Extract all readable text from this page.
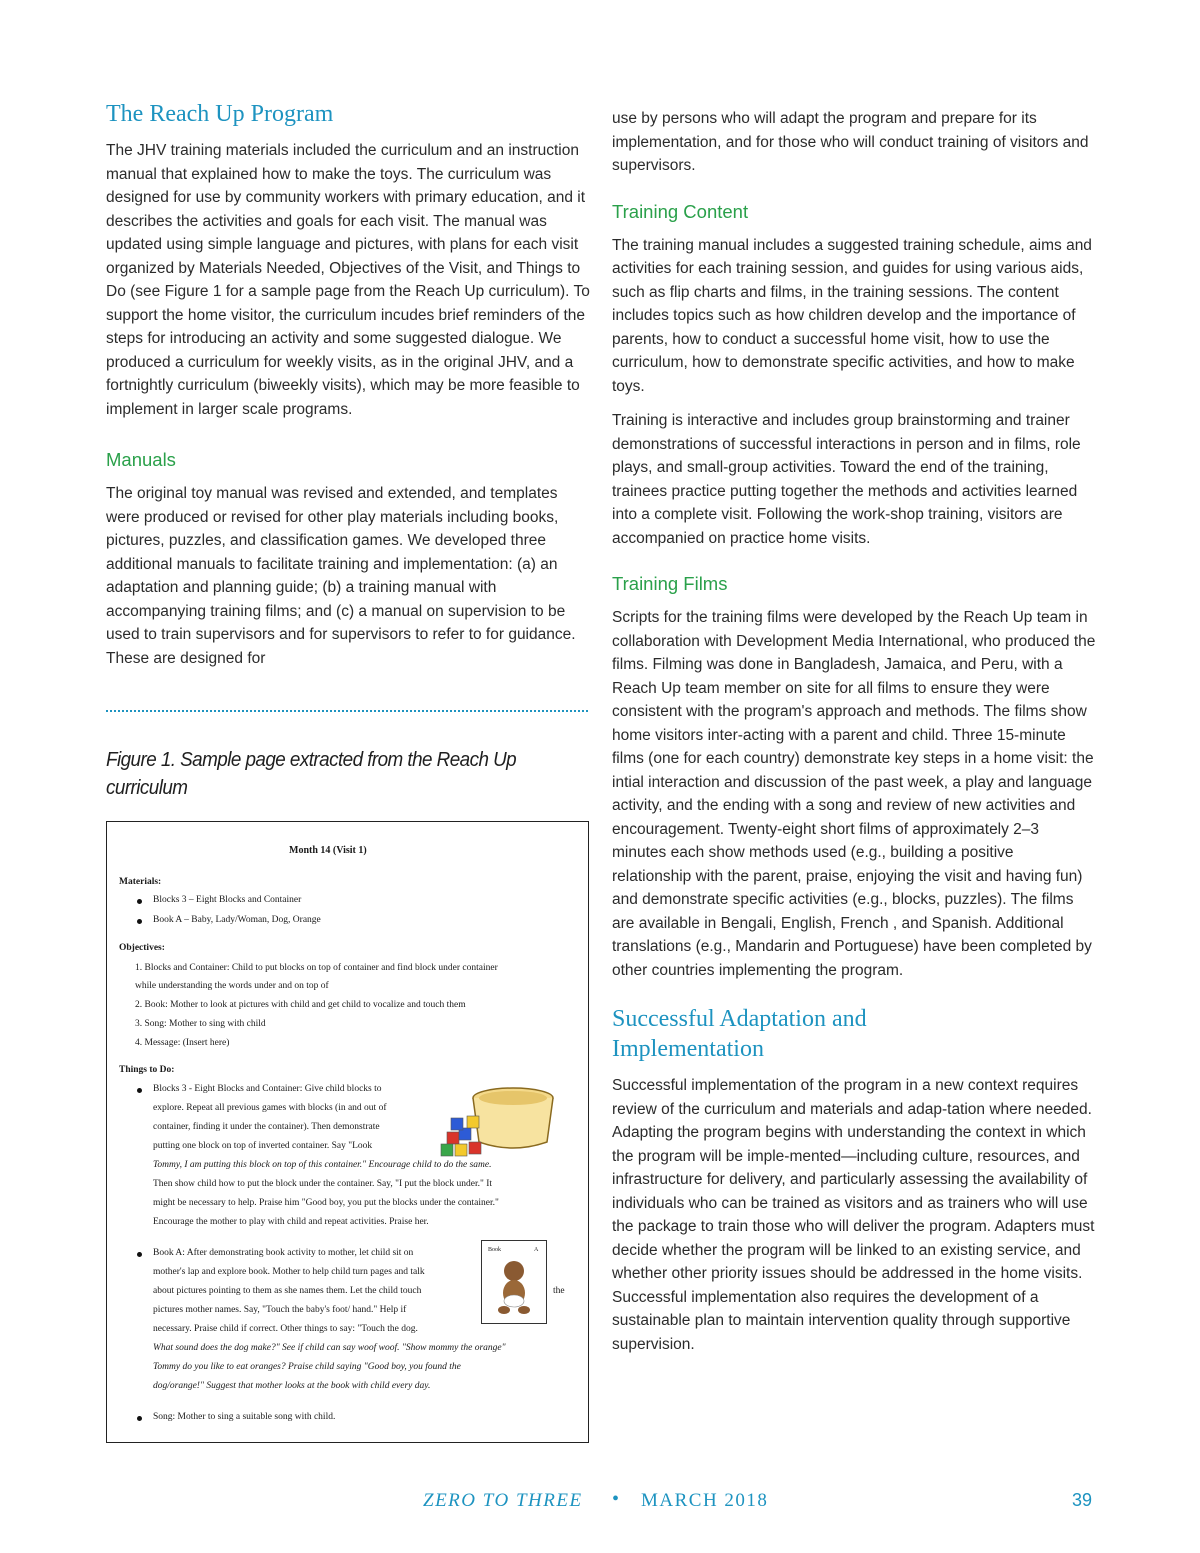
The Reach Up Program

The JHV training materials included the curriculum and an instruction manual that explained how to make the toys. The curriculum was designed for use by community workers with primary education, and it describes the activities and goals for each visit. The manual was updated using simple language and pictures, with plans for each visit organized by Materials Needed, Objectives of the Visit, and Things to Do (see Figure 1 for a sample page from the Reach Up curriculum). To support the home visitor, the curriculum incudes brief reminders of the steps for introducing an activity and some suggested dialogue. We produced a curriculum for weekly visits, as in the original JHV, and a fortnightly curriculum (biweekly visits), which may be more feasible to implement in larger scale programs.

Manuals

The original toy manual was revised and extended, and templates were produced or revised for other play materials including books, pictures, puzzles, and classification games. We developed three additional manuals to facilitate training and implementation: (a) an adaptation and planning guide; (b) a training manual with accompanying training films; and (c) a manual on supervision to be used to train supervisors and for supervisors to refer to for guidance. These are designed for

Figure 1. Sample page extracted from the Reach Up curriculum
Month 14 (Visit 1)
Materials:
Blocks 3 – Eight Blocks and Container
Book A – Baby, Lady/Woman, Dog, Orange
Objectives:
1. Blocks and Container: Child to put blocks on top of container and find block under container
while understanding the words under and on top of
2. Book: Mother to look at pictures with child and get child to vocalize and touch them
3. Song: Mother to sing with child
4. Message: (Insert here)
Things to Do:
Blocks 3 - Eight Blocks and Container: Give child blocks to
explore. Repeat all previous games with blocks (in and out of
container, finding it under the container). Then demonstrate
putting one block on top of inverted container. Say "Look
Tommy, I am putting this block on top of this container." Encourage child to do the same.
Then show child how to put the block under the container. Say, "I put the block under." It
might be necessary to help. Praise him "Good boy, you put the blocks under the container."
Encourage the mother to play with child and repeat activities. Praise her.
Book A: After demonstrating book activity to mother, let child sit on
mother's lap and explore book. Mother to help child turn pages and talk
about pictures pointing to them as she names them. Let the child touch
pictures mother names. Say, "Touch the baby's foot/ hand." Help if
necessary. Praise child if correct. Other things to say: "Touch the dog.
What sound does the dog make?" See if child can say woof woof. "Show mommy the orange"
Tommy do you like to eat oranges? Praise child saying "Good boy, you found the
dog/orange!" Suggest that mother looks at the book with child every day.
the
Book	A
Song: Mother to sing a suitable song with child.

use by persons who will adapt the program and prepare for its implementation, and for those who will conduct training of visitors and supervisors.

Training Content

The training manual includes a suggested training schedule, aims and activities for each training session, and guides for using various aids, such as flip charts and films, in the training sessions. The content includes topics such as how children develop and the importance of parents, how to conduct a successful home visit, how to use the curriculum, how to demonstrate specific activities, and how to make toys.

Training is interactive and includes group brainstorming and trainer demonstrations of successful interactions in person and in films, role plays, and small-group activities. Toward the end of the training, trainees practice putting together the methods and activities learned into a complete visit. Following the work-shop training, visitors are accompanied on practice home visits.

Training Films

Scripts for the training films were developed by the Reach Up team in collaboration with Development Media International, who produced the films. Filming was done in Bangladesh, Jamaica, and Peru, with a Reach Up team member on site for all films to ensure they were consistent with the program's approach and methods. The films show home visitors inter-acting with a parent and child. Three 15-minute films (one for each country) demonstrate key steps in a home visit: the intial interaction and discussion of the past week, a play and language activity, and the ending with a song and review of new activities and encouragement. Twenty-eight short films of approximately 2–3 minutes each show methods used (e.g., building a positive relationship with the parent, praise, enjoying the visit and having fun) and demonstrate specific activities (e.g., blocks, puzzles). The films are available in Bengali, English, French , and Spanish. Additional translations (e.g., Mandarin and Portuguese) have been completed by other countries implementing the program.

Successful Adaptation and Implementation

Successful implementation of the program in a new context requires review of the curriculum and materials and adap-tation where needed. Adapting the program begins with understanding the context in which the program will be imple-mented—including culture, resources, and infrastructure for delivery, and particularly assessing the availability of individuals who can be trained as visitors and as trainers who will use the package to train those who will deliver the program. Adapters must decide whether the program will be linked to an existing service, and whether other priority issues should be addressed in the home visits. Successful implementation also requires the development of a sustainable plan to maintain intervention quality through supportive supervision.

ZERO TO THREE • MARCH 2018	39
